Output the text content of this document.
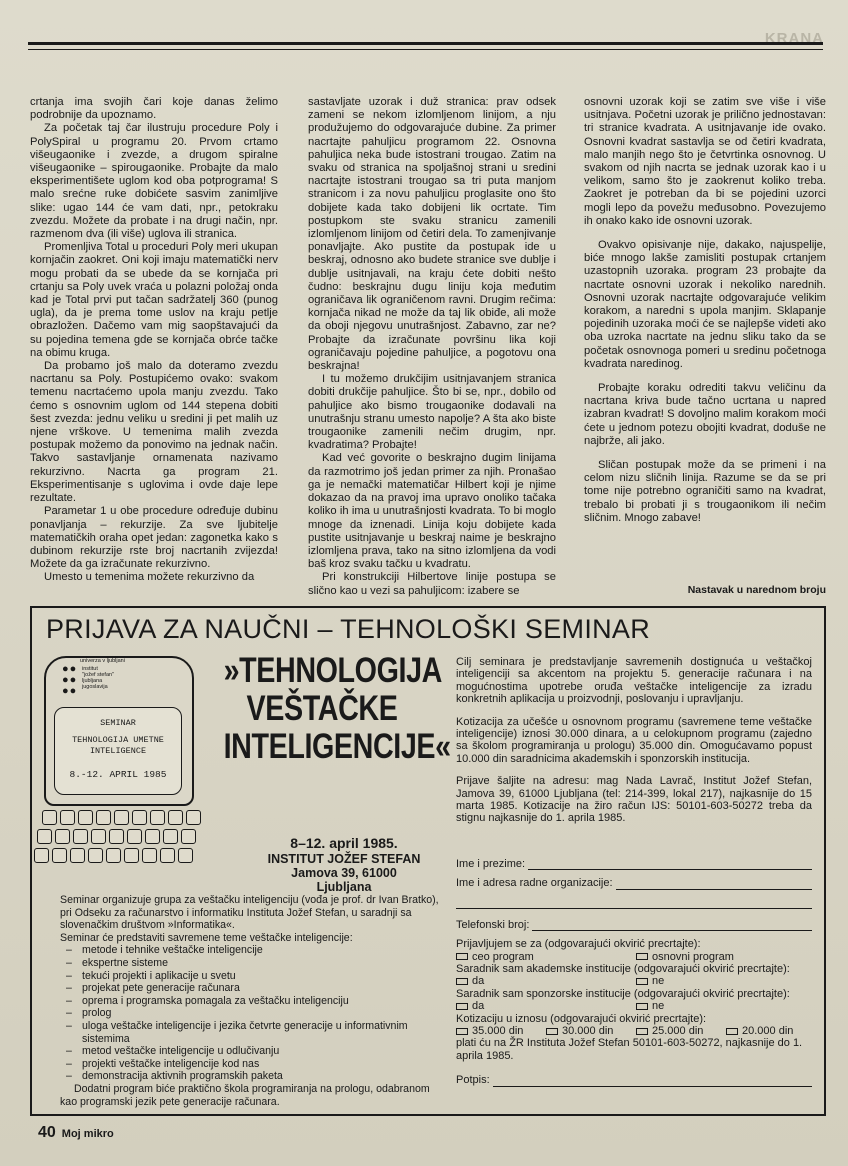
KRANA

crtanja ima svojih čari koje danas želimo podrobnije da upoznamo.

Za početak taj čar ilustruju procedure Poly i PolySpiral u programu 20. Prvom crtamo višeugaonike i zvezde, a drugom spiralne višeugaonike – spirougaonike. Probajte da malo eksperimentišete uglom kod oba potprograma! S malo srećne ruke dobićete sasvim zanimljive slike: ugao 144 će vam dati, npr., petokraku zvezdu. Možete da probate i na drugi način, npr. razmenom dva (ili više) uglova ili stranica.

Promenljiva Total u proceduri Poly meri ukupan kornjačin zaokret. Oni koji imaju matematički nerv mogu probati da se ubede da se kornjača pri crtanju sa Poly uvek vraća u polazni položaj onda kad je Total prvi put tačan sadržatelj 360 (punog ugla), da je prema tome uslov na kraju petlje obrazložen. Dačemo vam mig saopštavajući da su pojedina temena gde se kornjača obrće tačke na obimu kruga.

Da probamo još malo da doteramo zvezdu nacrtanu sa Poly. Postupićemo ovako: svakom temenu nacrtaćemo upola manju zvezdu. Tako ćemo s osnovnim uglom od 144 stepena dobiti šest zvezda: jednu veliku u sredini ji pet malih uz njene vrškove. U temenima malih zvezda postupak možemo da ponovimo na jednak način. Takvo sastavljanje ornamenata nazivamo rekurzivno. Nacrta ga program 21. Eksperimentisanje s uglovima i ovde daje lepe rezultate.

Parametar 1 u obe procedure određuje dubinu ponavljanja – rekurzije. Za sve ljubitelje matematičkih oraha opet jedan: zagonetka kako s dubinom rekurzije rste broj nacrtanih zvijezda! Možete da ga izračunate rekurzivno.

Umesto u temenima možete rekurzivno da

sastavljate uzorak i duž stranica: prav odsek zameni se nekom izlomljenom linijom, a nju produžujemo do odgovarajuće dubine. Za primer nacrtajte pahuljicu programom 22. Osnovna pahuljica neka bude istostrani trougao. Zatim na svaku od stranica na spoljašnoj strani u sredini nacrtajte istostrani trougao sa tri puta manjom stranicom i za novu pahuljicu proglasite ono što dobijete kada tako dobijeni lik ocrtate. Tim postupkom ste svaku stranicu zamenili izlomljenom linijom od četiri dela. To zamenjivanje ponavljajte. Ako pustite da postupak ide u beskraj, odnosno ako budete stranice sve dublje i dublje usitnjavali, na kraju ćete dobiti nešto čudno: beskrajnu dugu liniju koja međutim ograničava lik ograničenom ravni. Drugim rečima: kornjača nikad ne može da taj lik obiđe, ali može da oboji njegovu unutrašnjost. Zabavno, zar ne? Probajte da izračunate površinu lika koji ograničavaju pojedine pahuljice, a pogotovu ona beskrajna!

I tu možemo drukčijim usitnjavanjem stranica dobiti drukčije pahuljice. Što bi se, npr., dobilo od pahuljice ako bismo trougaonike dodavali na unutrašnju stranu umesto napolje? A šta ako biste trougaonike zamenili nečim drugim, npr. kvadratima? Probajte!

Kad već govorite o beskrajno dugim linijama da razmotrimo još jedan primer za njih. Pronašao ga je nemački matematičar Hilbert koji je njime dokazao da na pravoj ima upravo onoliko tačaka koliko ih ima u unutrašnjosti kvadrata. To bi moglo mnoge da iznenadi. Linija koju dobijete kada pustite usitnjavanje u beskraj naime je beskrajno izlomljena prava, tako na sitno izlomljena da vodi baš kroz svaku tačku u kvadratu.

Pri konstrukciji Hilbertove linije postupa se slično kao u vezi sa pahuljicom: izabere se

osnovni uzorak koji se zatim sve više i više usitnjava. Početni uzorak je prilično jednostavan: tri stranice kvadrata. A usitnjavanje ide ovako. Osnovni kvadrat sastavlja se od četiri kvadrata, malo manjih nego što je četvrtinka osnovnog. U svakom od njih nacrta se jednak uzorak kao i u velikom, samo što je zaokrenut koliko treba. Zaokret je potreban da bi se pojedini uzorci mogli lepo da povežu međusobno. Povezujemo ih onako kako ide osnovni uzorak.

Ovakvo opisivanje nije, dakako, najuspelije, biće mnogo lakše zamisliti postupak crtanjem uzastopnih uzoraka. program 23 probajte da nacrtate osnovni uzorak i nekoliko narednih. Osnovni uzorak nacrtajte odgovarajuće velikim korakom, a naredni s upola manjim. Sklapanje pojedinih uzoraka moći će se najlepše videti ako oba uzroka nacrtate na jednu sliku tako da se početak osnovnoga pomeri u sredinu početnoga kvadrata naredinog.

Probajte koraku odrediti takvu veličinu da nacrtana kriva bude tačno ucrtana u napred izabran kvadrat! S dovoljno malim korakom moći ćete u jednom potezu obojiti kvadrat, doduše ne najbrže, ali jako.

Sličan postupak može da se primeni i na celom nizu sličnih linija. Razume se da se pri tome nije potrebno ograničiti samo na kvadrat, trebalo bi probati ji s trougaonikom ili nečim sličnim. Mnogo zabave!

Nastavak u narednom broju
PRIJAVA ZA NAUČNI – TEHNOLOŠKI SEMINAR
univerza v ljubljani
●●
●●
●●
institut
"jožef stefan"
ljubljana
jugoslavija
SEMINAR
TEHNOLOGIJA UMETNE
INTELIGENCE
8.-12. APRIL 1985
»TEHNOLOGIJA VEŠTAČKE INTELIGENCIJE«
8–12. april 1985.
INSTITUT JOŽEF STEFAN
Jamova 39, 61000 Ljubljana

Cilj seminara je predstavljanje savremenih dostignuća u veštačkoj inteligenciji sa akcentom na projektu 5. generacije računara i na mogućnostima upotrebe oruđa veštačke inteligencije za izradu konkretnih aplikacija u proizvodnji, poslovanju i upravljanju.

Kotizacija za učešće u osnovnom programu (savremene teme veštačke inteligencije) iznosi 30.000 dinara, a u celokupnom programu (zajedno sa školom programiranja u prologu) 35.000 din. Omogućavamo popust 10.000 din saradnicima akademskih i sponzorskih institucija.

Prijave šaljite na adresu: mag Nada Lavrač, Institut Jožef Stefan, Jamova 39, 61000 Ljubljana (tel: 214-399, lokal 217), najkasnije do 15 marta 1985. Kotizacije na žiro račun IJS: 50101-603-50272 treba da stignu najkasnije do 1. aprila 1985.

Ime i prezime:
Ime i adresa radne organizacije:
Telefonski broj:
Prijavljujem se za (odgovarajući okvirić precrtajte):
ceo program	osnovni program
Saradnik sam akademske institucije (odgovarajući okvirić precrtajte):
da	ne
Saradnik sam sponzorske institucije (odgovarajući okvirić precrtajte):
da	ne
Kotizaciju u iznosu (odgovarajući okvirić precrtajte):
35.000 din	30.000 din	25.000 din	20.000 din
plati ću na ŽR Instituta Jožef Stefan 50101-603-50272, najkasnije do 1. aprila 1985.
Potpis:

Seminar organizuje grupa za veštačku inteligenciju (vođa je prof. dr Ivan Bratko), pri Odseku za računarstvo i informatiku Instituta Jožef Stefan, u saradnji sa slovenačkim društvom »Informatika«.

Seminar će predstaviti savremene teme veštačke inteligencije:

– metode i tehnike veštačke inteligencije
– ekspertne sisteme
– tekući projekti i aplikacije u svetu
– projekat pete generacije računara
– oprema i programska pomagala za veštačku inteligenciju
– prolog
– uloga veštačke inteligencije i jezika četvrte generacije u informativnim sistemima
– metod veštačke inteligencije u odlučivanju
– projekti veštačke inteligencije kod nas
– demonstracija aktivnih programskih paketa

Dodatni program biće praktično škola programiranja na prologu, odabranom kao programski jezik pete generacije računara.

40 Moj mikro
